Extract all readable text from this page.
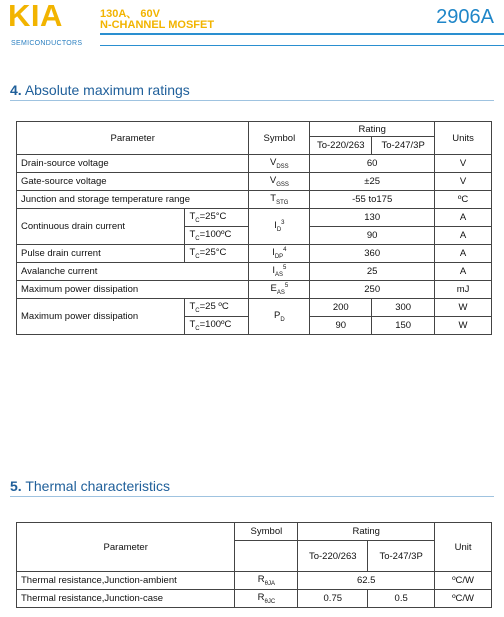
KIA
SEMICONDUCTORS
130A、 60V
N-CHANNEL MOSFET	2906A
4. Absolute maximum ratings
Parameter		Symbol	Rating		Units
			To-220/263	To-247/3P	
Drain-source voltage		$V_{DSS}$	60		V
Gate-source voltage		$V_{GSS}$	±25		V
Junction and storage temperature range		$T_{STG}$	-55 to175		ºC
Continuous drain current	$T_C=25^\circ C$	$I_D^3$	130		A
	$T_C=100ºC$		90		A
Pulse drain current	$T_C=25^\circ C$	$I_{DP}^4$	360		A
Avalanche current		$I_{AS}^5$	25		A
Maximum power dissipation		$E_{AS}^5$	250		mJ
Maximum power dissipation	$T_C=25$ ºC	$P_D$	200	300	W
	$T_C=100ºC$		90	150	W
5. Thermal characteristics
Parameter	Symbol	Rating		Unit
		To-220/263	To-247/3P	
Thermal resistance,Junction-ambient	$R_{\theta JA}$	62.5		ºC/W
Thermal resistance,Junction-case	$R_{\theta JC}$	0.75	0.5	ºC/W
